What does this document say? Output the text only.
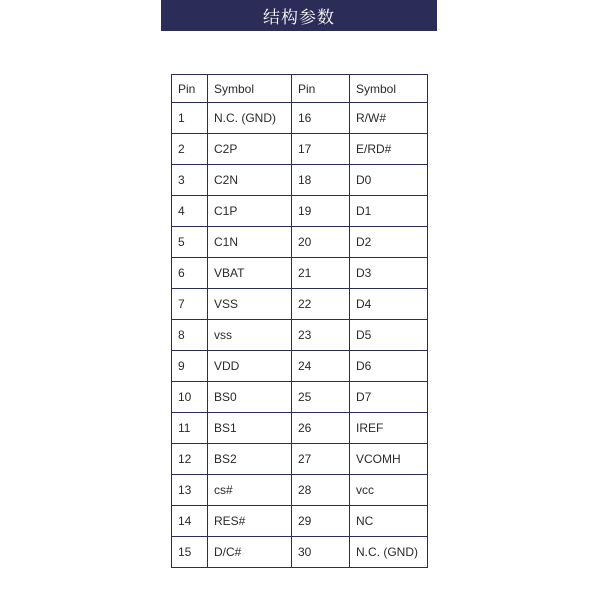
结构参数
Pin	Symbol	Pin	Symbol
1	N.C. (GND)	16	R/W#
2	C2P	17	E/RD#
3	C2N	18	D0
4	C1P	19	D1
5	C1N	20	D2
6	VBAT	21	D3
7	VSS	22	D4
8	vss	23	D5
9	VDD	24	D6
10	BS0	25	D7
11	BS1	26	IREF
12	BS2	27	VCOMH
13	cs#	28	vcc
14	RES#	29	NC
15	D/C#	30	N.C. (GND)
